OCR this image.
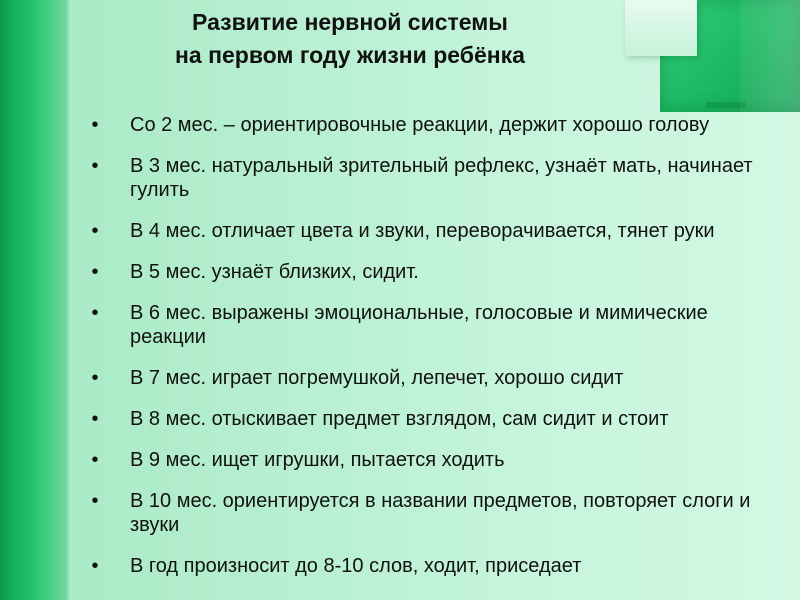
Развитие нервной системы
на первом году жизни ребёнка
• Со 2 мес. – ориентировочные реакции, держит хорошо голову
• В 3 мес. натуральный зрительный рефлекс, узнаёт мать, начинает гулить
• В 4 мес. отличает цвета и звуки, переворачивается, тянет руки
• В 5 мес. узнаёт близких, сидит.
• В 6 мес. выражены эмоциональные, голосовые и мимические реакции
• В 7 мес. играет погремушкой, лепечет, хорошо сидит
• В 8 мес. отыскивает предмет взглядом, сам сидит и стоит
• В 9 мес. ищет игрушки, пытается ходить
• В 10 мес. ориентируется в названии предметов, повторяет слоги и звуки
• В год произносит до 8-10 слов, ходит, приседает
